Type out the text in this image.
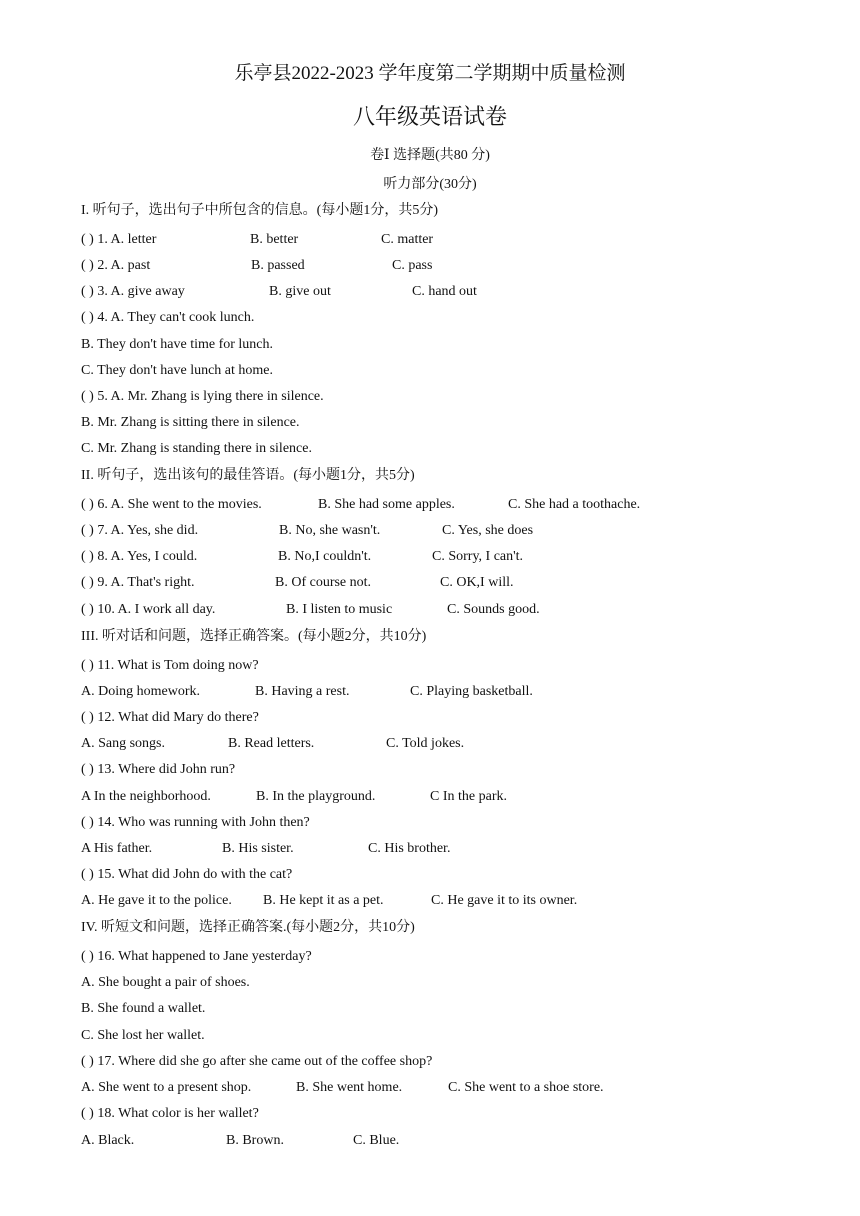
乐亭县2022-2023 学年度第二学期期中质量检测
八年级英语试卷
卷Ⅰ 选择题(共80 分)
听力部分(30分)
I. 听句子，选出句子中所包含的信息。(每小题1分，共5分)
( ) 1. A. letter	B. better	C. matter
( ) 2. A. past	B. passed	C. pass
( ) 3. A. give away	B. give out	C. hand out
( ) 4. A. They can't cook lunch.
B. They don't have time for lunch.
C. They don't have lunch at home.
( ) 5. A. Mr. Zhang is lying there in silence.
B. Mr. Zhang is sitting there in silence.
C. Mr. Zhang is standing there in silence.
II. 听句子，选出该句的最佳答语。(每小题1分，共5分)
( ) 6. A. She went to the movies.	B. She had some apples.	C. She had a toothache.
( ) 7. A. Yes, she did.	B. No, she wasn't.	C. Yes, she does
( ) 8. A. Yes, I could.	B. No,I couldn't.	C. Sorry, I can't.
( ) 9. A. That's right.	B. Of course not.	C. OK,I will.
( ) 10. A. I work all day.	B. I listen to music	C. Sounds good.
III. 听对话和问题，选择正确答案。(每小题2分，共10分)
( ) 11. What is Tom doing now?
A. Doing homework.	B. Having a rest.	C. Playing basketball.
( ) 12. What did Mary do there?
A. Sang songs.	B. Read letters.	C. Told jokes.
( ) 13. Where did John run?
A In the neighborhood.	B. In the playground.	C In the park.
( ) 14. Who was running with John then?
A His father.	B. His sister.	C. His brother.
( ) 15. What did John do with the cat?
A. He gave it to the police. B. He kept it as a pet.	C. He gave it to its owner.
IV. 听短文和问题，选择正确答案.(每小题2分，共10分)
( ) 16. What happened to Jane yesterday?
A. She bought a pair of shoes.
B. She found a wallet.
C. She lost her wallet.
( ) 17. Where did she go after she came out of the coffee shop?
A. She went to a present shop.	B. She went home.	C. She went to a shoe store.
( ) 18. What color is her wallet?
A. Black.	B. Brown.	C. Blue.
